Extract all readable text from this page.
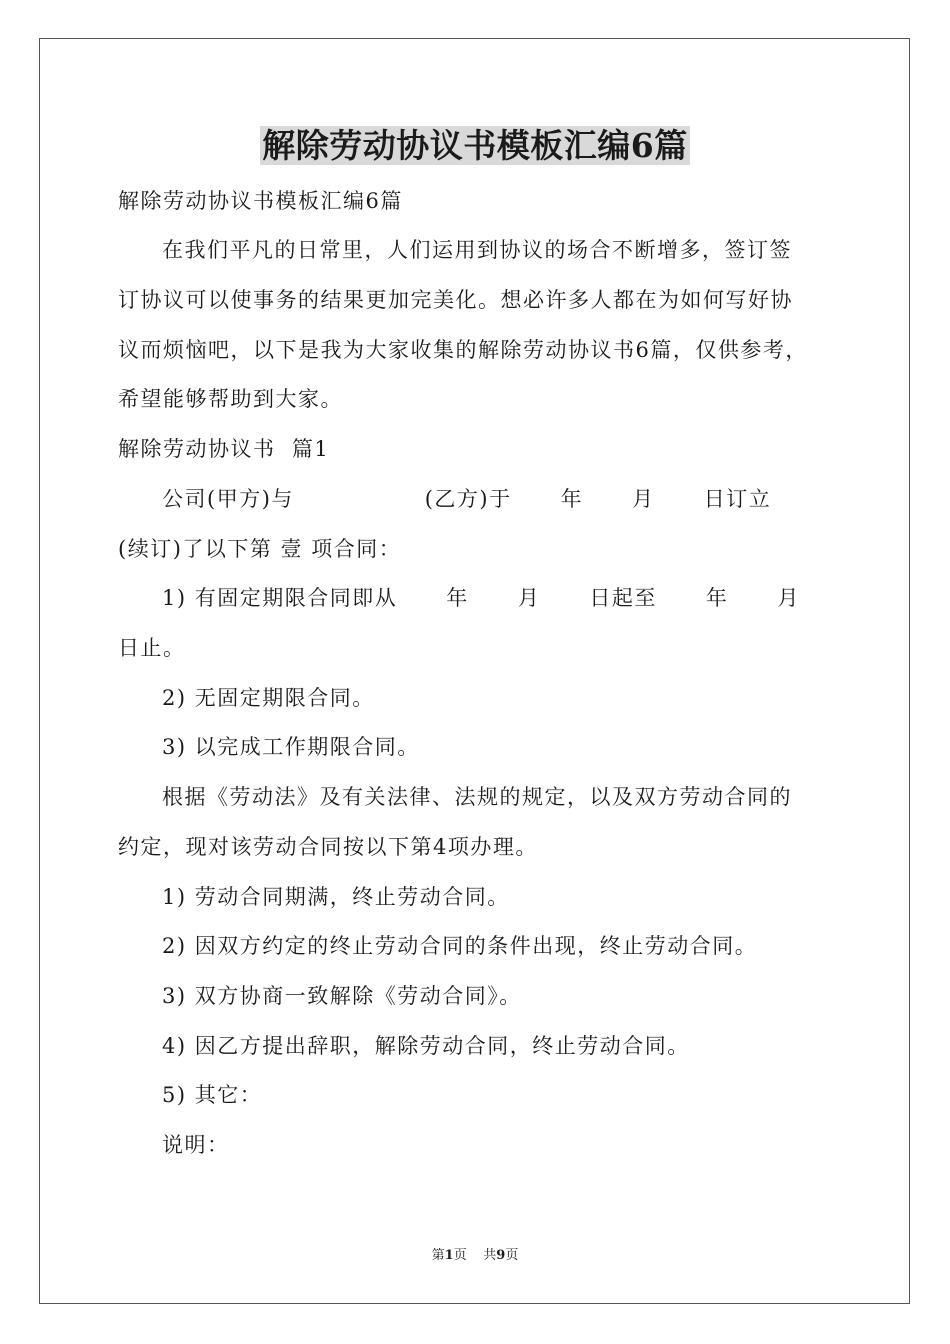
解除劳动协议书模板汇编6篇
解除劳动协议书模板汇编6篇
在我们平凡的日常里，人们运用到协议的场合不断增多，签订签
订协议可以使事务的结果更加完美化。想必许多人都在为如何写好协
议而烦恼吧，以下是我为大家收集的解除劳动协议书6篇，仅供参考，
希望能够帮助到大家。
解除劳动协议书  篇1
公司(甲方)与                (乙方)于      年      月      日订立
(续订)了以下第 壹 项合同：
1) 有固定期限合同即从      年      月      日起至      年      月
日止。
2) 无固定期限合同。
3) 以完成工作期限合同。
根据《劳动法》及有关法律、法规的规定，以及双方劳动合同的
约定，现对该劳动合同按以下第4项办理。
1) 劳动合同期满，终止劳动合同。
2) 因双方约定的终止劳动合同的条件出现，终止劳动合同。
3) 双方协商一致解除《劳动合同》。
4) 因乙方提出辞职，解除劳动合同，终止劳动合同。
5) 其它：
说明：
第1页 共9页
